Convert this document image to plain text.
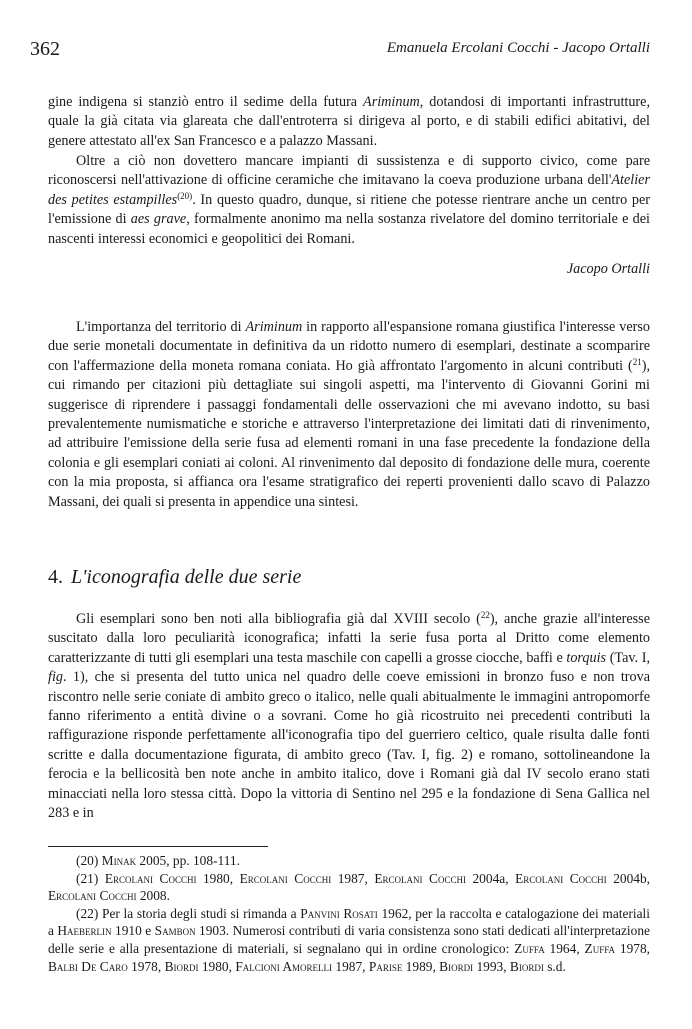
362	Emanuela Ercolani Cocchi - Jacopo Ortalli

gine indigena si stanziò entro il sedime della futura Ariminum, dotandosi di importanti infrastrutture, quale la già citata via glareata che dall'entroterra si dirigeva al porto, e di stabili edifici abitativi, del genere attestato all'ex San Francesco e a palazzo Massani.

Oltre a ciò non dovettero mancare impianti di sussistenza e di supporto civico, come pare riconoscersi nell'attivazione di officine ceramiche che imitavano la coeva produzione urbana dell'Atelier des petites estampilles$^{(20)}$. In questo quadro, dunque, si ritiene che potesse rientrare anche un centro per l'emissione di aes grave, formalmente anonimo ma nella sostanza rivelatore del domino territoriale e dei nascenti interessi economici e geopolitici dei Romani.

Jacopo Ortalli

L'importanza del territorio di Ariminum in rapporto all'espansione romana giustifica l'interesse verso due serie monetali documentate in definitiva da un ridotto numero di esemplari, destinate a scomparire con l'affermazione della moneta romana coniata. Ho già affrontato l'argomento in alcuni contributi ($^{21}$), cui rimando per citazioni più dettagliate sui singoli aspetti, ma l'intervento di Giovanni Gorini mi suggerisce di riprendere i passaggi fondamentali delle osservazioni che mi avevano indotto, su basi prevalentemente numismatiche e storiche e attraverso l'interpretazione dei limitati dati di rinvenimento, ad attribuire l'emissione della serie fusa ad elementi romani in una fase precedente la fondazione della colonia e gli esemplari coniati ai coloni. Al rinvenimento dal deposito di fondazione delle mura, coerente con la mia proposta, si affianca ora l'esame stratigrafico dei reperti provenienti dallo scavo di Palazzo Massani, dei quali si presenta in appendice una sintesi.

4. L'iconografia delle due serie

Gli esemplari sono ben noti alla bibliografia già dal XVIII secolo ($^{22}$), anche grazie all'interesse suscitato dalla loro peculiarità iconografica; infatti la serie fusa porta al Dritto come elemento caratterizzante di tutti gli esemplari una testa maschile con capelli a grosse ciocche, baffi e torquis (Tav. I, fig. 1), che si presenta del tutto unica nel quadro delle coeve emissioni in bronzo fuso e non trova riscontro nelle serie coniate di ambito greco o italico, nelle quali abitualmente le immagini antropomorfe fanno riferimento a entità divine o a sovrani. Come ho già ricostruito nei precedenti contributi la raffigurazione risponde perfettamente all'iconografia tipo del guerriero celtico, quale risulta dalle fonti scritte e dalla documentazione figurata, di ambito greco (Tav. I, fig. 2) e romano, sottolineandone la ferocia e la bellicosità ben note anche in ambito italico, dove i Romani già dal IV secolo erano stati minacciati nella loro stessa città. Dopo la vittoria di Sentino nel 295 e la fondazione di Sena Gallica nel 283 e in

(20) Minak 2005, pp. 108-111.

(21) Ercolani Cocchi 1980, Ercolani Cocchi 1987, Ercolani Cocchi 2004a, Ercolani Cocchi 2004b, Ercolani Cocchi 2008.

(22) Per la storia degli studi si rimanda a Panvini Rosati 1962, per la raccolta e catalogazione dei materiali a Haeberlin 1910 e Sambon 1903. Numerosi contributi di varia consistenza sono stati dedicati all'interpretazione delle serie e alla presentazione di materiali, si segnalano qui in ordine cronologico: Zuffa 1964, Zuffa 1978, Balbi De Caro 1978, Biordi 1980, Falcioni Amorelli 1987, Parise 1989, Biordi 1993, Biordi s.d.
